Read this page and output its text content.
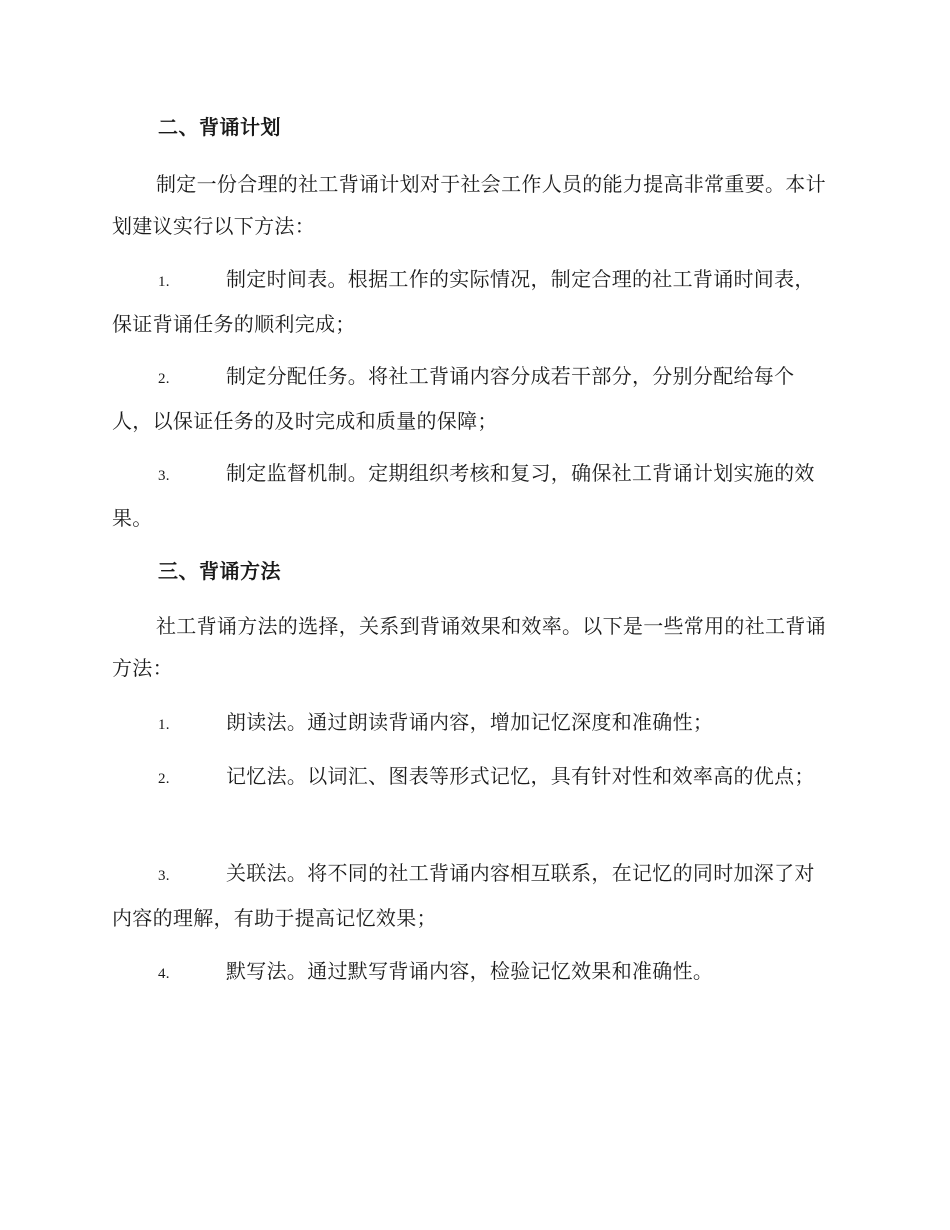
二、背诵计划
制定一份合理的社工背诵计划对于社会工作人员的能力提高非常重要。本计划建议实行以下方法：
1.	制定时间表。根据工作的实际情况，制定合理的社工背诵时间表，保证背诵任务的顺利完成；
2.	制定分配任务。将社工背诵内容分成若干部分，分别分配给每个人，以保证任务的及时完成和质量的保障；
3.	制定监督机制。定期组织考核和复习，确保社工背诵计划实施的效果。
三、背诵方法
社工背诵方法的选择，关系到背诵效果和效率。以下是一些常用的社工背诵方法：
1.	朗读法。通过朗读背诵内容，增加记忆深度和准确性；
2.	记忆法。以词汇、图表等形式记忆，具有针对性和效率高的优点；
3.	关联法。将不同的社工背诵内容相互联系，在记忆的同时加深了对内容的理解，有助于提高记忆效果；
4.	默写法。通过默写背诵内容，检验记忆效果和准确性。
